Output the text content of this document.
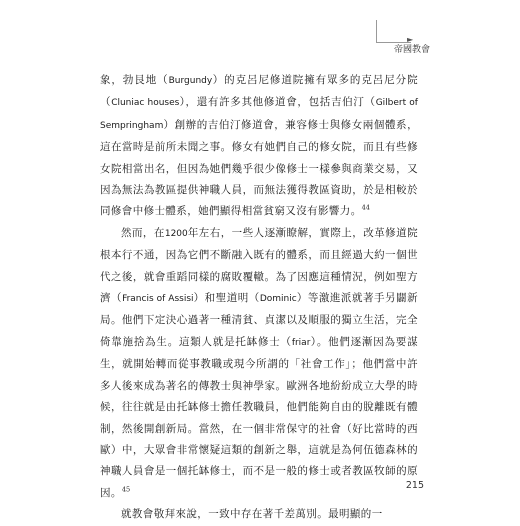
►
帝國教會

象，勃艮地（Burgundy）的克呂尼修道院擁有眾多的克呂尼分院（Cluniac houses），還有許多其他修道會，包括吉伯汀（Gilbert of Sempringham）創辦的吉伯汀修道會，兼容修士與修女兩個體系，這在當時是前所未聞之事。修女有她們自己的修女院，而且有些修女院相當出名，但因為她們幾乎很少像修士一樣參與商業交易，又因為無法為教區提供神職人員，而無法獲得教區資助，於是相較於同修會中修士體系，她們顯得相當貧窮又沒有影響力。$^{44}$

然而，在1200年左右，一些人逐漸瞭解，實際上，改革修道院根本行不通，因為它們不斷融入既有的體系，而且經過大約一個世代之後，就會重蹈同樣的腐敗覆轍。為了因應這種情況，例如聖方濟（Francis of Assisi）和聖道明（Dominic）等激進派就著手另闢新局。他們下定決心過著一種清貧、貞潔以及順服的獨立生活，完全倚靠施捨為生。這類人就是托缽修士（friar）。他們逐漸因為要謀生，就開始轉而從事教職或現今所謂的「社會工作」；他們當中許多人後來成為著名的傳教士與神學家。歐洲各地紛紛成立大學的時候，往往就是由托缽修士擔任教職員，他們能夠自由的脫離既有體制，然後開創新局。當然，在一個非常保守的社會（好比當時的西歐）中，大眾會非常懷疑這類的創新之舉，這就是為何伍德森林的神職人員會是一個托缽修士，而不是一般的修士或者教區牧師的原因。$^{45}$

就教會敬拜來說，一致中存在著千差萬別。最明顯的一

215
